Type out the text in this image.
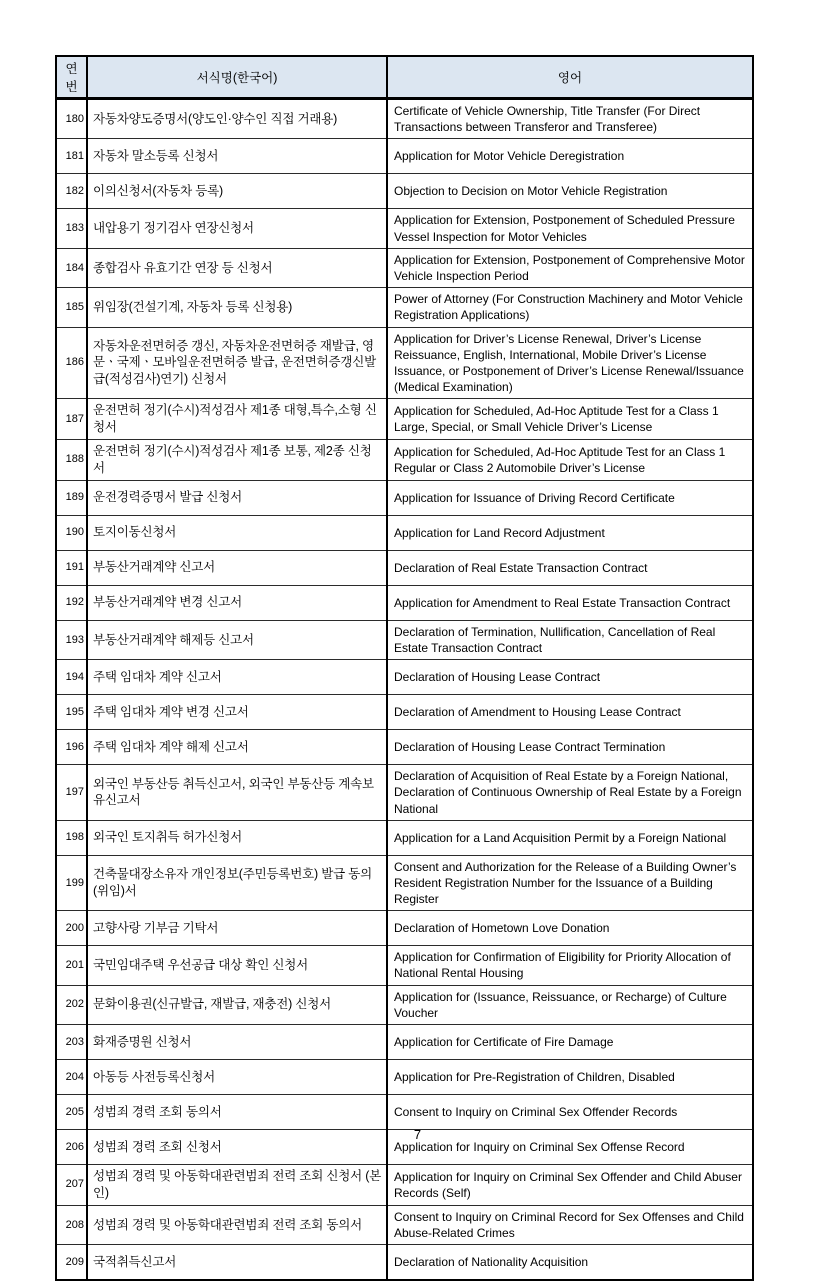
연번	서식명(한국어)	영어
180	자동차양도증명서(양도인·양수인 직접 거래용)	Certificate of Vehicle Ownership, Title Transfer (For Direct Transactions between Transferor and Transferee)
181	자동차 말소등록 신청서	Application for Motor Vehicle Deregistration
182	이의신청서(자동차 등록)	Objection to Decision on Motor Vehicle Registration
183	내압용기 정기검사 연장신청서	Application for Extension, Postponement of Scheduled Pressure Vessel Inspection for Motor Vehicles
184	종합검사 유효기간 연장 등 신청서	Application for Extension, Postponement of Comprehensive Motor Vehicle Inspection Period
185	위임장(건설기계, 자동차 등록 신청용)	Power of Attorney (For Construction Machinery and Motor Vehicle Registration Applications)
186	자동차운전면허증 갱신, 자동차운전면허증 재발급, 영문ㆍ국제ㆍ모바일운전면허증 발급, 운전면허증갱신발급(적성검사)연기) 신청서	Application for Driver’s License Renewal, Driver’s License Reissuance, English, International, Mobile Driver’s License Issuance, or Postponement of Driver’s License Renewal/Issuance (Medical Examination)
187	운전면허 정기(수시)적성검사 제1종 대형,특수,소형 신청서	Application for Scheduled, Ad-Hoc Aptitude Test for a Class 1 Large, Special, or Small Vehicle Driver’s License
188	운전면허 정기(수시)적성검사 제1종 보통, 제2종 신청서	Application for Scheduled, Ad-Hoc Aptitude Test for an Class 1 Regular or Class 2 Automobile Driver’s License
189	운전경력증명서 발급 신청서	Application for Issuance of Driving Record Certificate
190	토지이동신청서	Application for Land Record Adjustment
191	부동산거래계약 신고서	Declaration of Real Estate Transaction Contract
192	부동산거래계약 변경 신고서	Application for Amendment to Real Estate Transaction Contract
193	부동산거래계약 해제등 신고서	Declaration of Termination, Nullification, Cancellation of Real Estate Transaction Contract
194	주택 임대차 계약 신고서	Declaration of Housing Lease Contract
195	주택 임대차 계약 변경 신고서	Declaration of Amendment to Housing Lease Contract
196	주택 임대차 계약 해제 신고서	Declaration of Housing Lease Contract Termination
197	외국인 부동산등 취득신고서, 외국인 부동산등 계속보유신고서	Declaration of Acquisition of Real Estate by a Foreign National, Declaration of Continuous Ownership of Real Estate by a Foreign National
198	외국인 토지취득 허가신청서	Application for a Land Acquisition Permit by a Foreign National
199	건축물대장소유자 개인정보(주민등록번호) 발급 동의(위임)서	Consent and Authorization for the Release of a Building Owner’s Resident Registration Number for the Issuance of a Building Register
200	고향사랑 기부금 기탁서	Declaration of Hometown Love Donation
201	국민임대주택 우선공급 대상 확인 신청서	Application for Confirmation of Eligibility for Priority Allocation of National Rental Housing
202	문화이용권(신규발급, 재발급, 재충전) 신청서	Application for (Issuance, Reissuance, or Recharge) of Culture Voucher
203	화재증명원 신청서	Application for Certificate of Fire Damage
204	아동등 사전등록신청서	Application for Pre-Registration of Children, Disabled
205	성범죄 경력 조회 동의서	Consent to Inquiry on Criminal Sex Offender Records
206	성범죄 경력 조회 신청서	Application for Inquiry on Criminal Sex Offense Record
207	성범죄 경력 및 아동학대관련범죄 전력 조회 신청서 (본인)	Application for Inquiry on Criminal Sex Offender and Child Abuser Records (Self)
208	성범죄 경력 및 아동학대관련범죄 전력 조회 동의서	Consent to Inquiry on Criminal Record for Sex Offenses and Child Abuse-Related Crimes
209	국적취득신고서	Declaration of Nationality Acquisition
7
